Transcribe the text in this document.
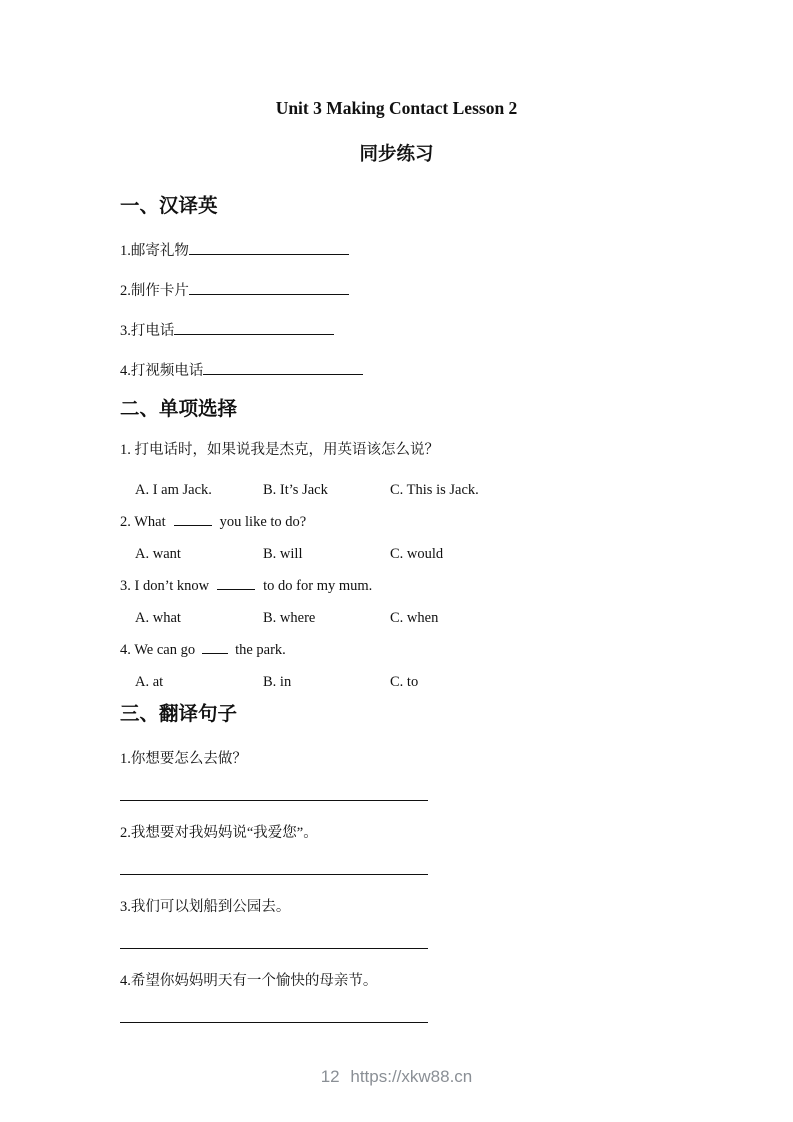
Unit 3 Making Contact Lesson 2
同步练习
一、汉译英
1.邮寄礼物
2.制作卡片
3.打电话
4.打视频电话
二、单项选择
1. 打电话时，如果说我是杰克，用英语该怎么说？
A. I am Jack.	B. It’s Jack	C. This is Jack.
2. What	you like to do?
A. want	B. will	C. would
3. I don’t know	to do for my mum.
A. what	B. where	C. when
4. We can go	the park.
A. at	B. in	C. to
三、翻译句子
1.你想要怎么去做？
2.我想要对我妈妈说“我爱您”。
3.我们可以划船到公园去。
4.希望你妈妈明天有一个愉快的母亲节。
12 https://xkw88.cn
